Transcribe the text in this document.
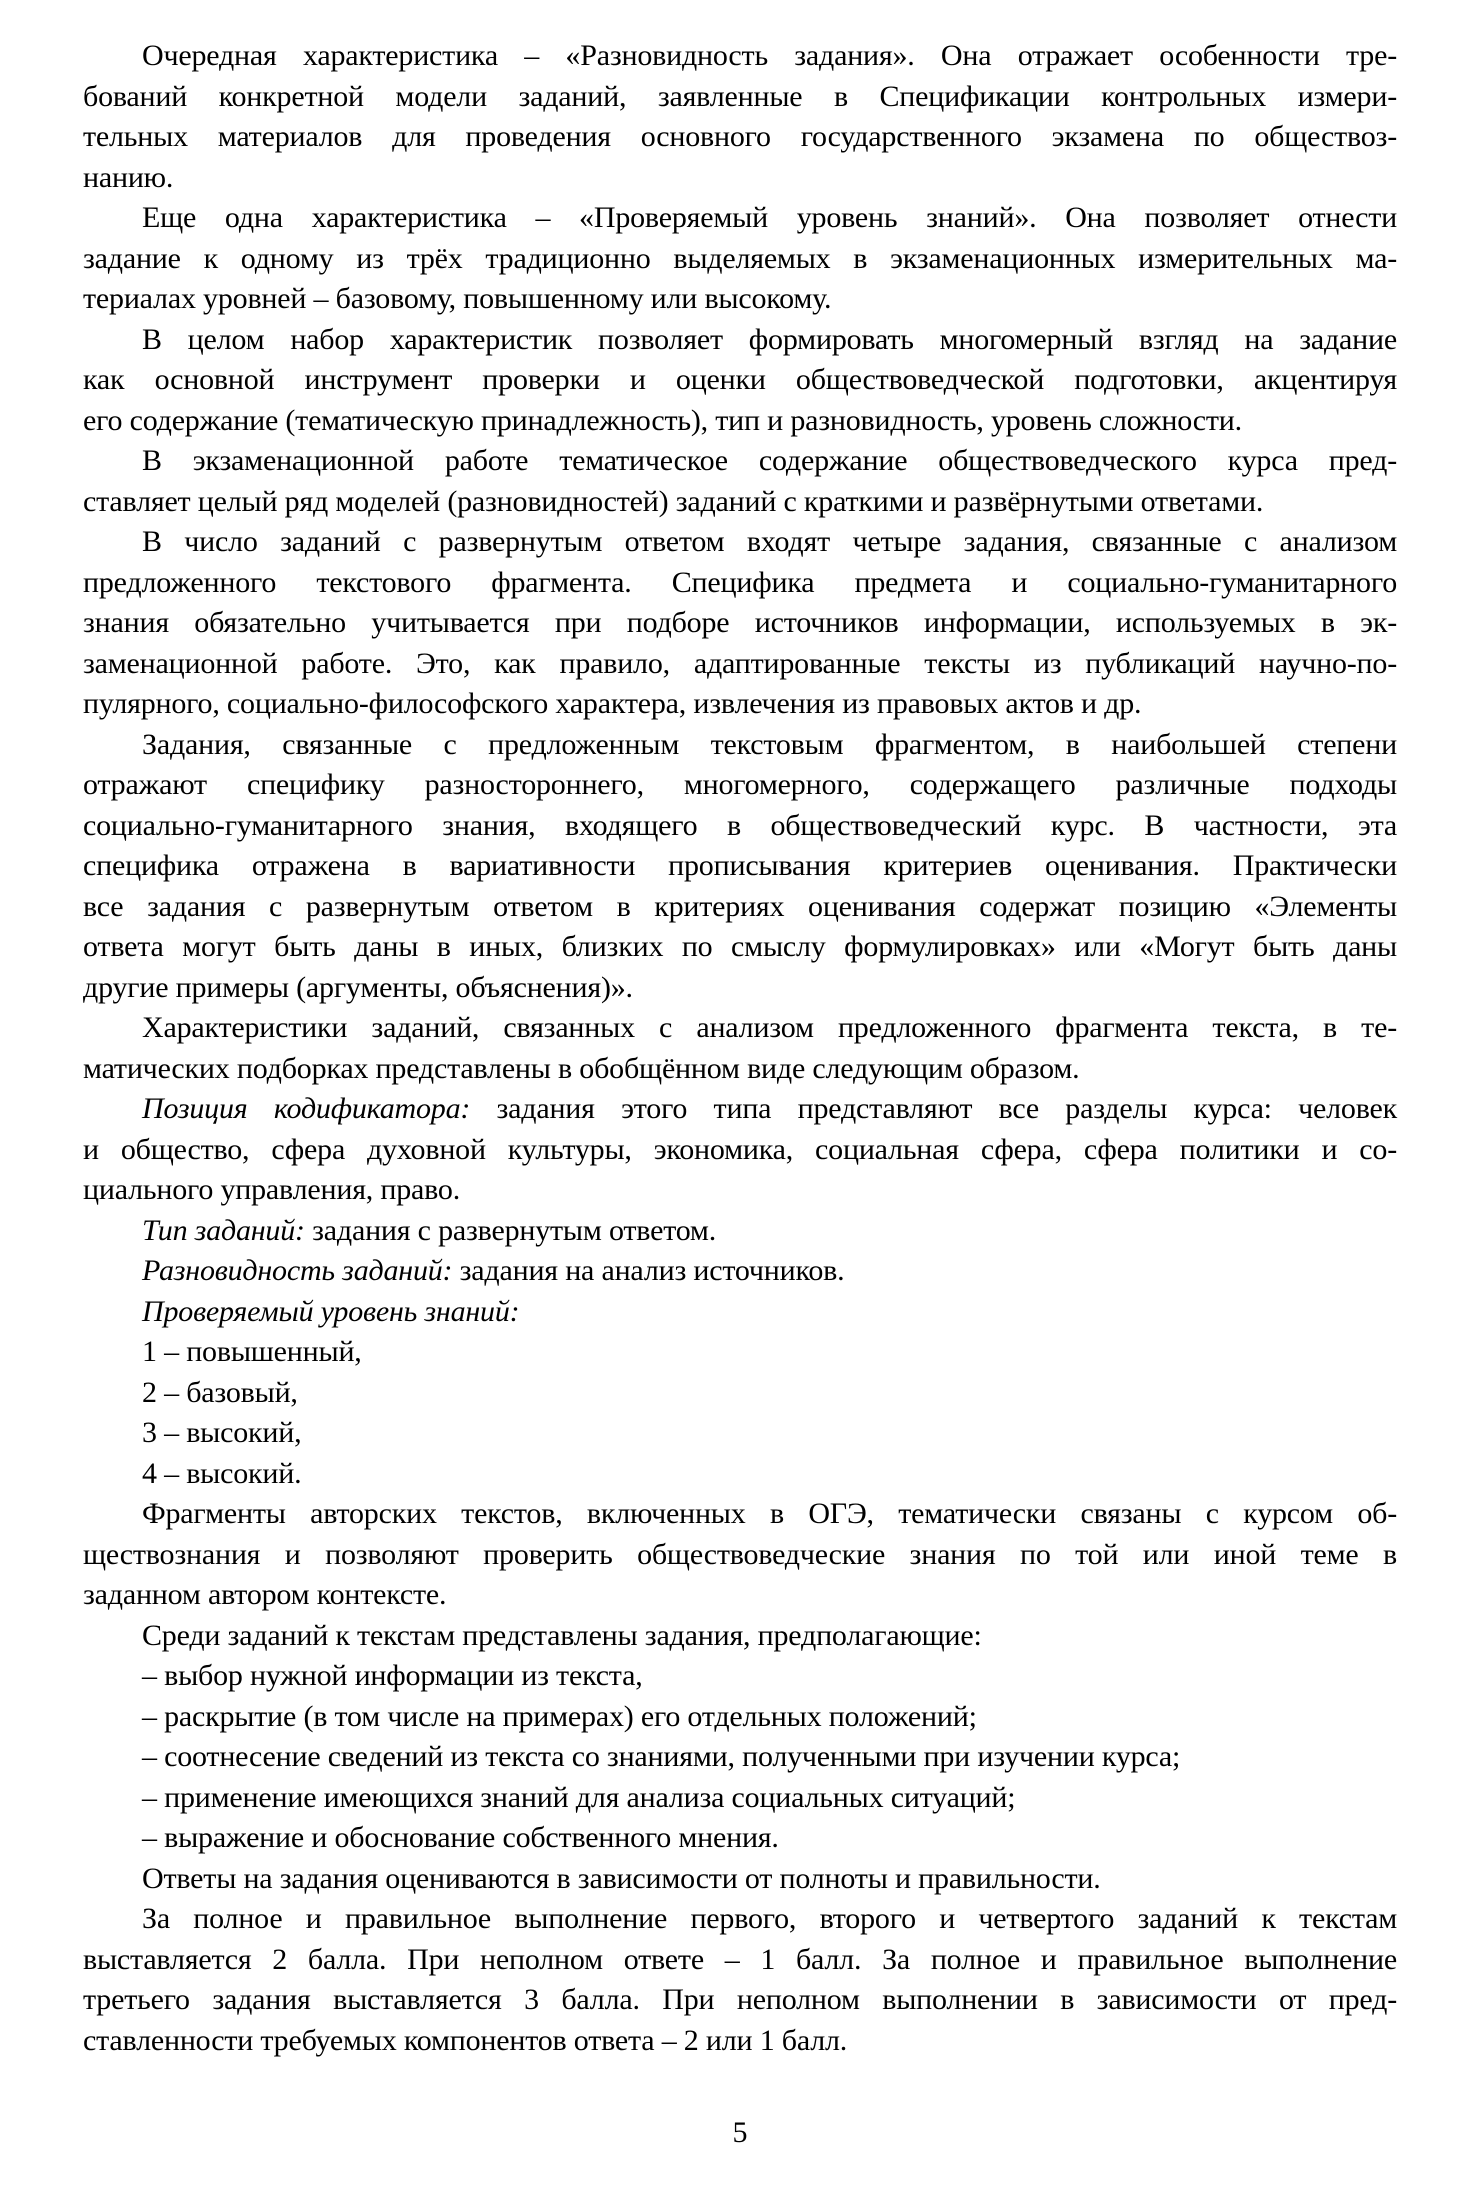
Очередная характеристика – «Разновидность задания». Она отражает особенности тре-
бований конкретной модели заданий, заявленные в Спецификации контрольных измери-
тельных материалов для проведения основного государственного экзамена по обществоз-
нанию.
Еще одна характеристика – «Проверяемый уровень знаний». Она позволяет отнести
задание к одному из трёх традиционно выделяемых в экзаменационных измерительных ма-
териалах уровней – базовому, повышенному или высокому.
В целом набор характеристик позволяет формировать многомерный взгляд на задание
как основной инструмент проверки и оценки обществоведческой подготовки, акцентируя
его содержание (тематическую принадлежность), тип и разновидность, уровень сложности.
В экзаменационной работе тематическое содержание обществоведческого курса пред-
ставляет целый ряд моделей (разновидностей) заданий с краткими и развёрнутыми ответами.
В число заданий с развернутым ответом входят четыре задания, связанные с анализом
предложенного текстового фрагмента. Специфика предмета и социально-гуманитарного
знания обязательно учитывается при подборе источников информации, используемых в эк-
заменационной работе. Это, как правило, адаптированные тексты из публикаций научно-по-
пулярного, социально-философского характера, извлечения из правовых актов и др.
Задания, связанные с предложенным текстовым фрагментом, в наибольшей степени
отражают специфику разностороннего, многомерного, содержащего различные подходы
социально-гуманитарного знания, входящего в обществоведческий курс. В частности, эта
специфика отражена в вариативности прописывания критериев оценивания. Практически
все задания с развернутым ответом в критериях оценивания содержат позицию «Элементы
ответа могут быть даны в иных, близких по смыслу формулировках» или «Могут быть даны
другие примеры (аргументы, объяснения)».
Характеристики заданий, связанных с анализом предложенного фрагмента текста, в те-
матических подборках представлены в обобщённом виде следующим образом.
Позиция кодификатора: задания этого типа представляют все разделы курса: человек
и общество, сфера духовной культуры, экономика, социальная сфера, сфера политики и со-
циального управления, право.
Тип заданий: задания с развернутым ответом.
Разновидность заданий: задания на анализ источников.
Проверяемый уровень знаний:
1 – повышенный,
2 – базовый,
3 – высокий,
4 – высокий.
Фрагменты авторских текстов, включенных в ОГЭ, тематически связаны с курсом об-
ществознания и позволяют проверить обществоведческие знания по той или иной теме в
заданном автором контексте.
Среди заданий к текстам представлены задания, предполагающие:
– выбор нужной информации из текста,
– раскрытие (в том числе на примерах) его отдельных положений;
– соотнесение сведений из текста со знаниями, полученными при изучении курса;
– применение имеющихся знаний для анализа социальных ситуаций;
– выражение и обоснование собственного мнения.
Ответы на задания оцениваются в зависимости от полноты и правильности.
За полное и правильное выполнение первого, второго и четвертого заданий к текстам
выставляется 2 балла. При неполном ответе – 1 балл. За полное и правильное выполнение
третьего задания выставляется 3 балла. При неполном выполнении в зависимости от пред-
ставленности требуемых компонентов ответа – 2 или 1 балл.
5
